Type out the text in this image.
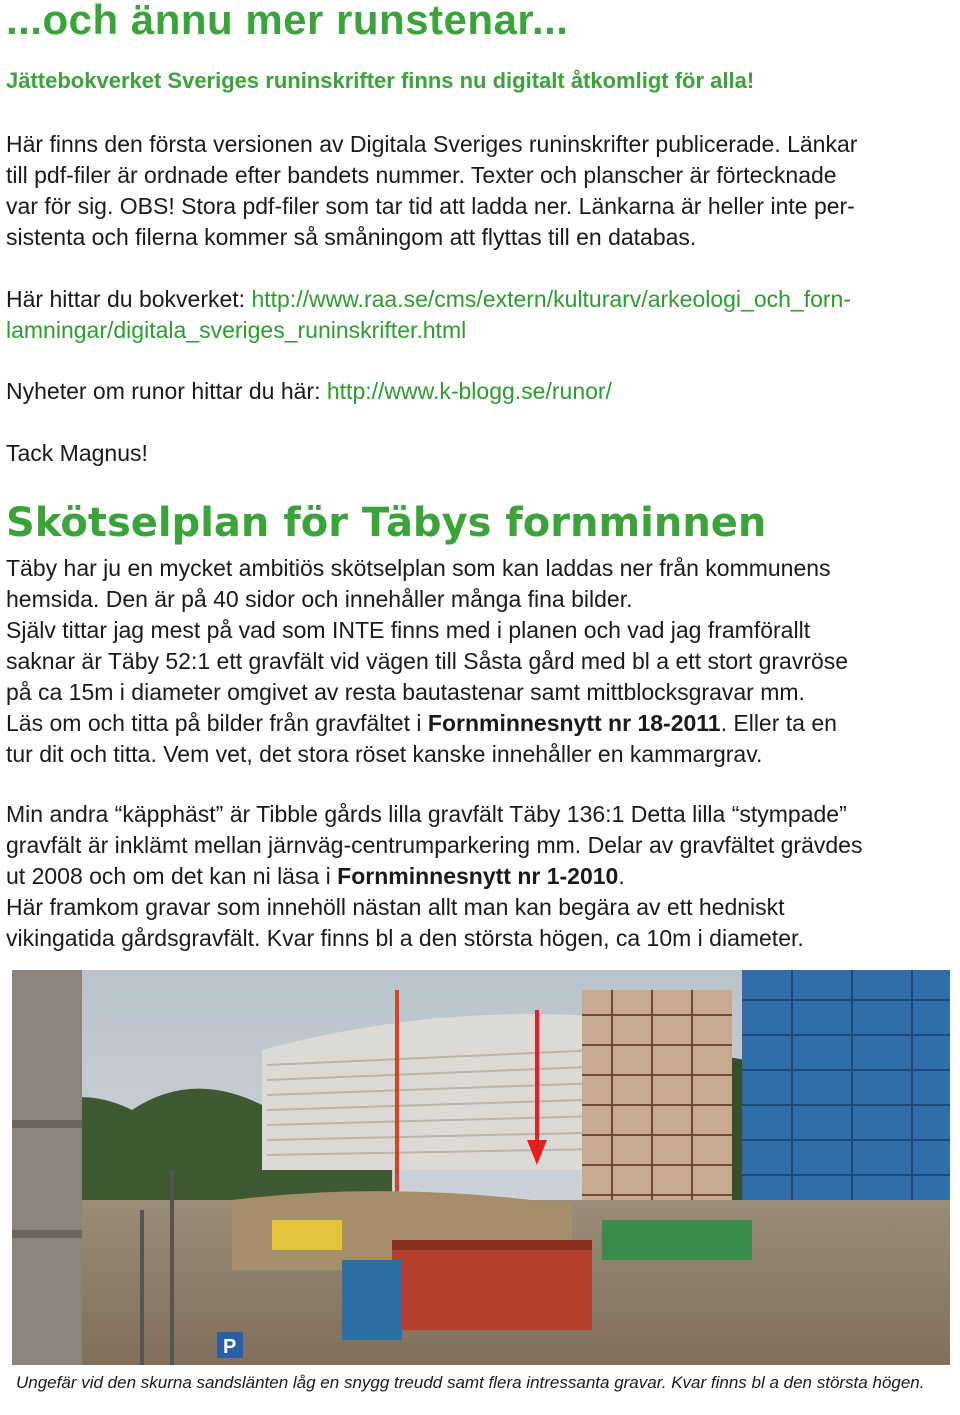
...och ännu mer runstenar...
Jättebokverket Sveriges runinskrifter finns nu digitalt åtkomligt för alla!
Här finns den första versionen av Digitala Sveriges runinskrifter publicerade. Länkar
till pdf-filer är ordnade efter bandets nummer. Texter och planscher är förtecknade
var för sig. OBS! Stora pdf-filer som tar tid att ladda ner. Länkarna är heller inte per-
sistenta och filerna kommer så småningom att flyttas till en databas.
Här hittar du bokverket: http://www.raa.se/cms/extern/kulturarv/arkeologi_och_forn-
lamningar/digitala_sveriges_runinskrifter.html
Nyheter om runor hittar du här: http://www.k-blogg.se/runor/
Tack Magnus!
Skötselplan för Täbys fornminnen
Täby har ju en mycket ambitiös skötselplan som kan laddas ner från kommunens
hemsida. Den är på 40 sidor och innehåller många fina bilder.
Själv tittar jag mest på vad som INTE finns med i planen och vad jag framförallt
saknar är Täby 52:1 ett gravfält vid vägen till Såsta gård med bl a ett stort gravröse
på ca 15m i diameter omgivet av resta bautastenar samt mittblocksgravar mm.
Läs om och titta på bilder från gravfältet i Fornminnesnytt nr 18-2011. Eller ta en
tur dit och titta. Vem vet, det stora röset kanske innehåller en kammargrav.
Min andra “käpphäst” är Tibble gårds lilla gravfält Täby 136:1 Detta lilla “stympade”
gravfält är inklämt mellan järnväg-centrumparkering mm. Delar av gravfältet grävdes
ut 2008 och om det kan ni läsa i Fornminnesnytt nr 1-2010.
Här framkom gravar som innehöll nästan allt man kan begära av ett hedniskt
vikingatida gårdsgravfält. Kvar finns bl a den största högen, ca 10m i diameter.
P
Ungefär vid den skurna sandslänten låg en snygg treudd samt flera intressanta gravar. Kvar finns bl a den största högen.
